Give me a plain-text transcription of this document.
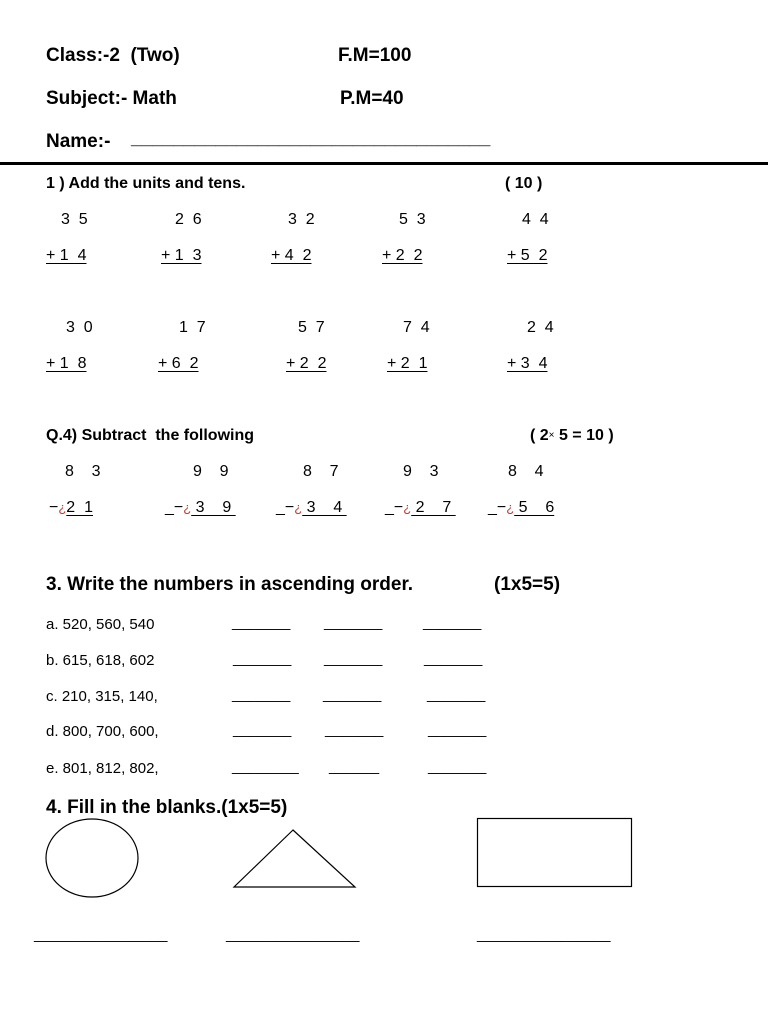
Class:-2  (Two)	F.M=100
Subject:- Math	P.M=40
Name:- __________________________________
1 ) Add the units and tens.	( 10 )
3  5
+ 1  4
2  6
+ 1  3
3  2
+ 4  2
5  3
+ 2  2
4  4
+ 5  2
3  0
+ 1  8
1  7
+ 6  2
5  7
+ 2  2
7  4
+ 2  1
2  4
+ 3  4
Q.4) Subtract  the following	( 2× 5 = 10 )
8    3
−¿2  1
9    9
_−¿ 3    9
8    7
_−¿ 3    4
9    3
_−¿ 2    7
8    4
_−¿ 5    6
3. Write the numbers in ascending order.	(1x5=5)
a. 520, 560, 540	_______ _______	_______
b. 615, 618, 602	_______ _______	_______
c. 210, 315, 140,	_______ _______	_______
d. 800, 700, 600,	_______ _______	_______
e. 801, 812, 802,	________ ______	_______
4. Fill in the blanks.(1x5=5)
________________	________________	________________
